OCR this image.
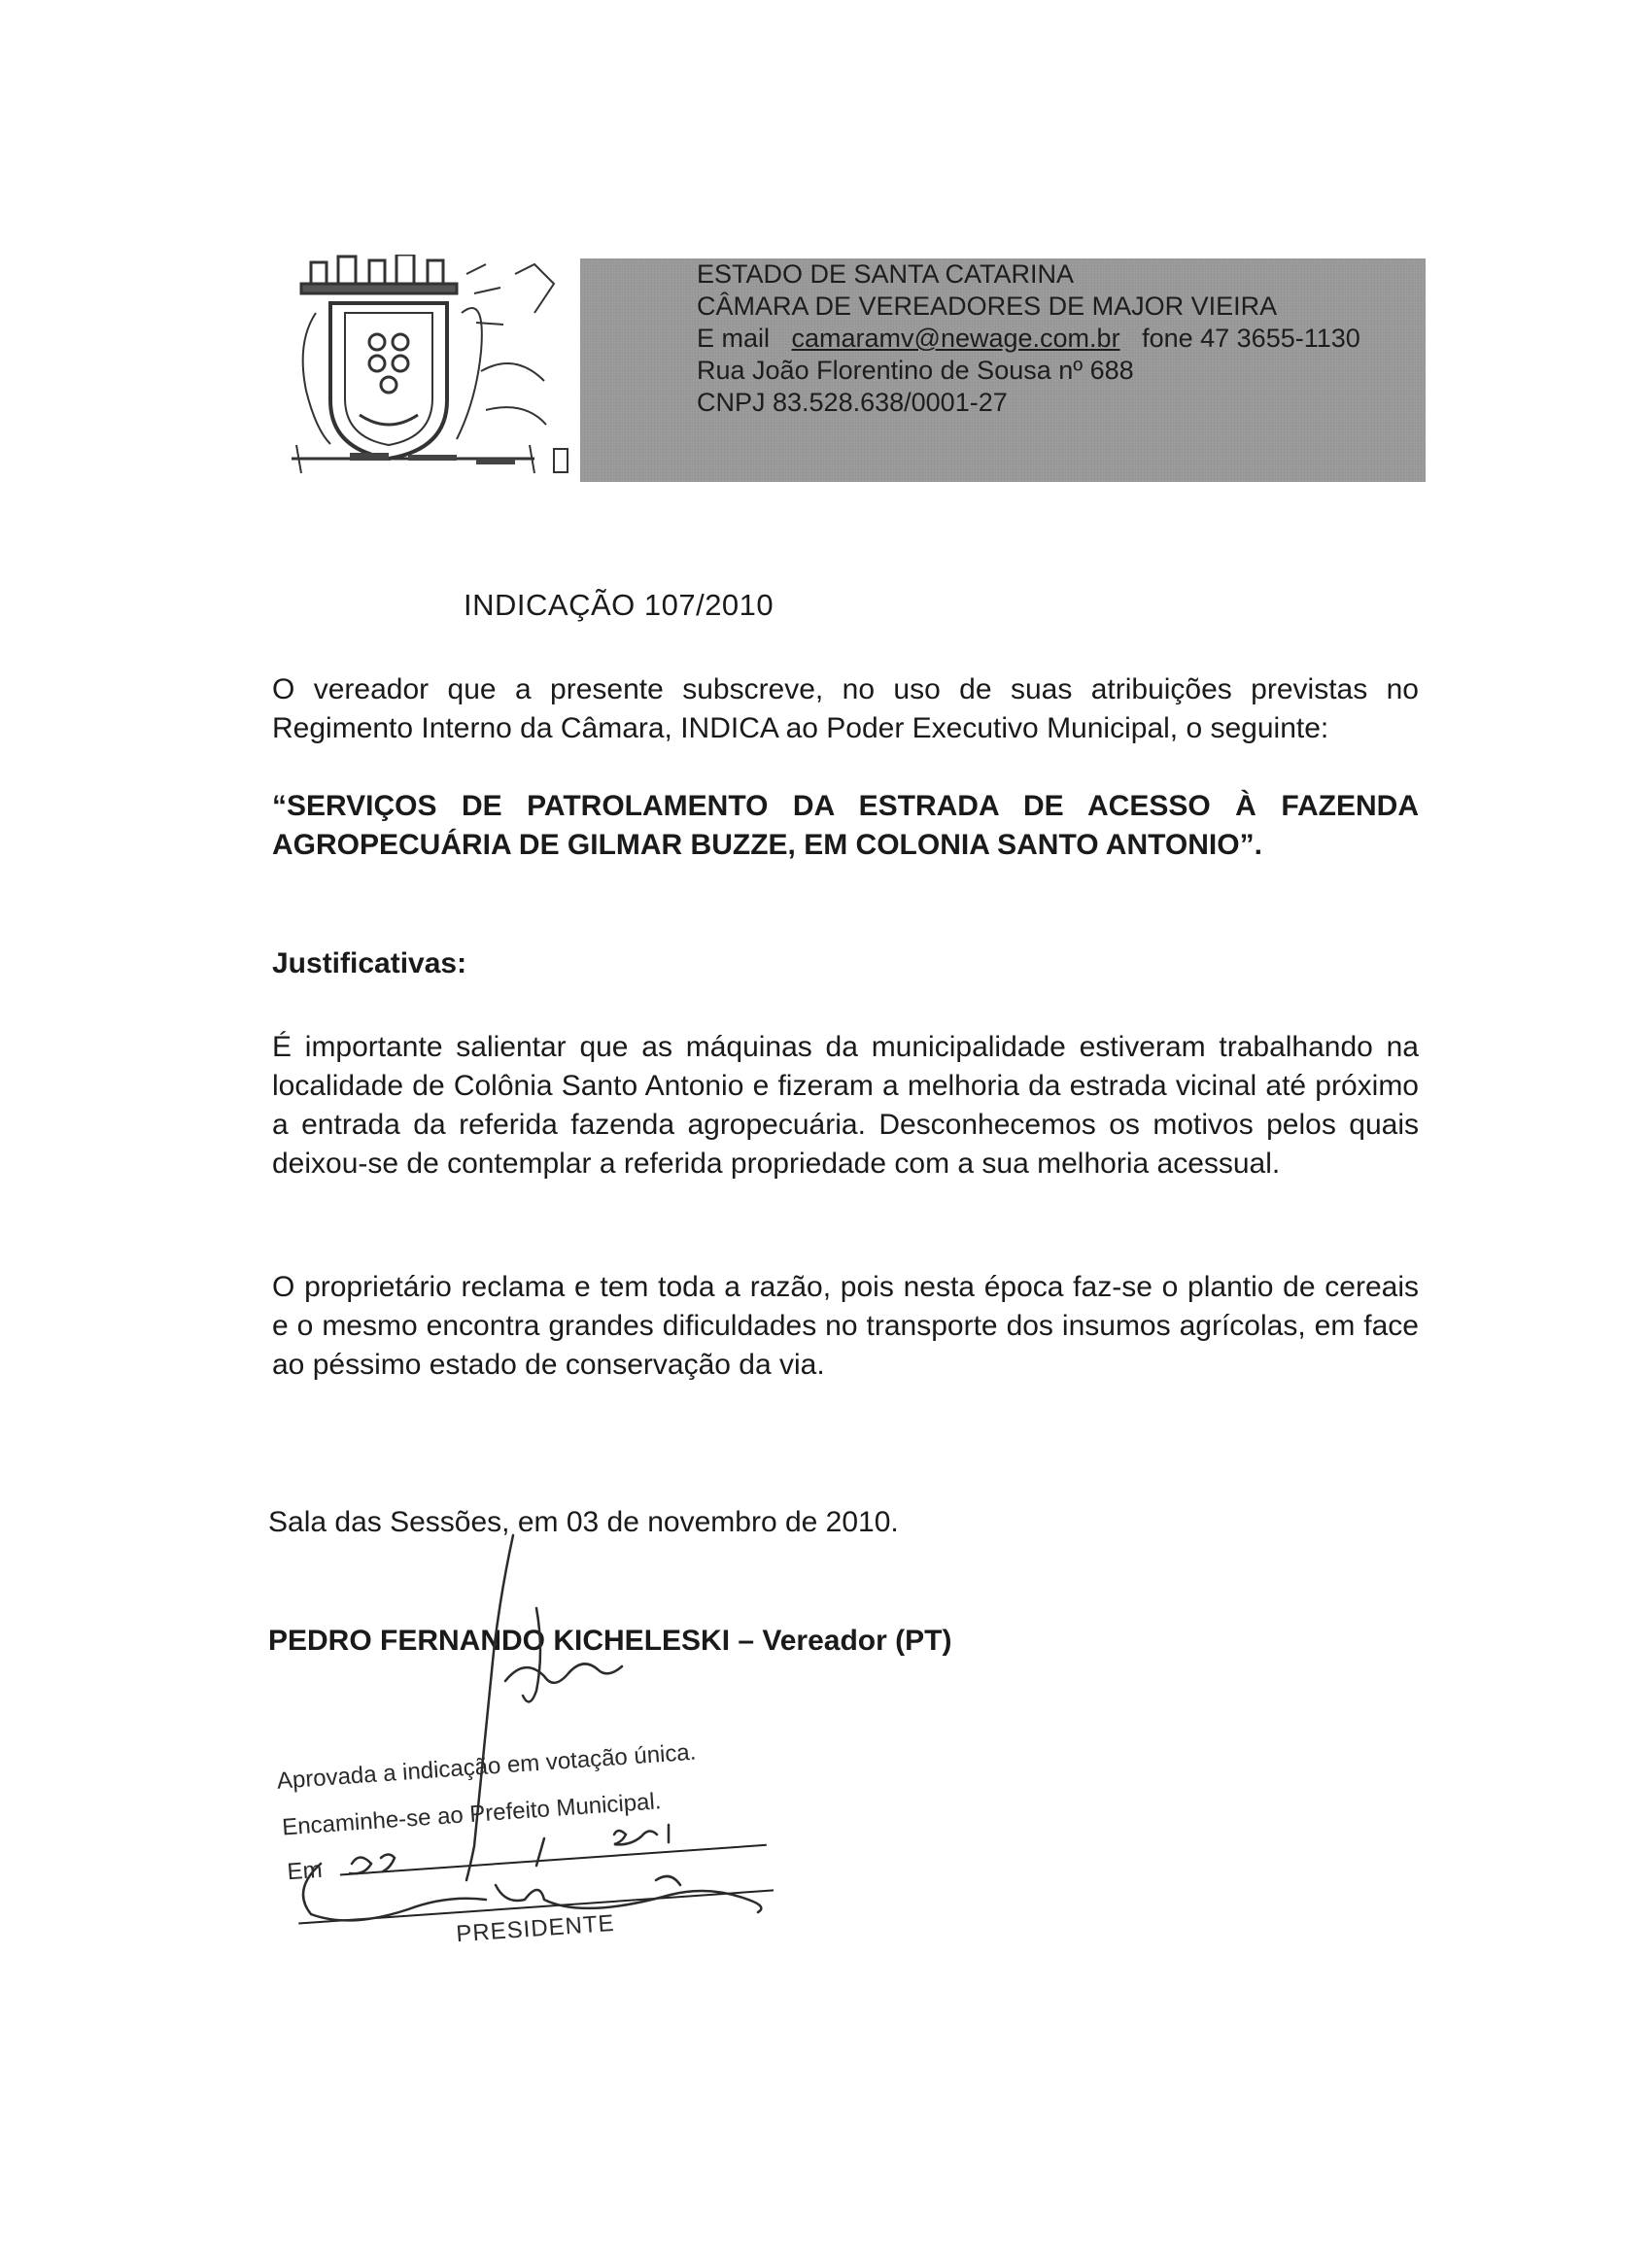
ESTADO DE SANTA CATARINA
CÂMARA DE VEREADORES DE MAJOR VIEIRA
E mail camaramv@newage.com.br fone 47 3655-1130
Rua João Florentino de Sousa nº 688
CNPJ 83.528.638/0001-27
INDICAÇÃO 107/2010
O vereador que a presente subscreve, no uso de suas atribuições previstas no Regimento Interno da Câmara, INDICA ao Poder Executivo Municipal, o seguinte:
“SERVIÇOS DE PATROLAMENTO DA ESTRADA DE ACESSO À FAZENDA
AGROPECUÁRIA DE GILMAR BUZZE, EM COLONIA SANTO ANTONIO”.
Justificativas:
É importante salientar que as máquinas da municipalidade estiveram trabalhando na localidade de Colônia Santo Antonio e fizeram a melhoria da estrada vicinal até próximo a entrada da referida fazenda agropecuária. Desconhecemos os motivos pelos quais deixou-se de contemplar a referida propriedade com a sua melhoria acessual.
O proprietário reclama e tem toda a razão, pois nesta época faz-se o plantio de cereais e o mesmo encontra grandes dificuldades no transporte dos insumos agrícolas, em face ao péssimo estado de conservação da via.
Sala das Sessões, em 03 de novembro de 2010.
PEDRO FERNANDO KICHELESKI – Vereador (PT)
Aprovada a indicação em votação única.
Encaminhe-se ao Prefeito Municipal.
Em
PRESIDENTE
